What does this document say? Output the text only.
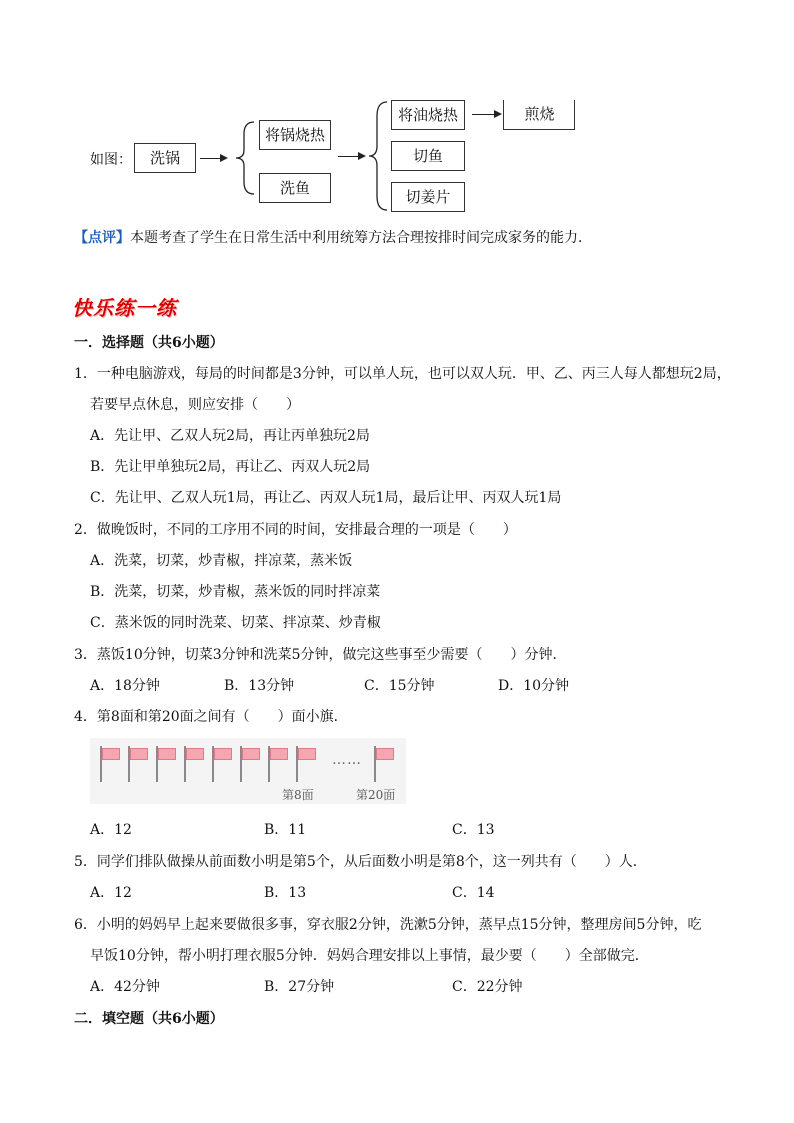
如图：	洗锅
将锅烧热
洗鱼
将油烧热
切鱼
切姜片
煎烧
【点评】本题考查了学生在日常生活中利用统筹方法合理按排时间完成家务的能力．
快乐练一练
一．选择题（共6小题）
1．一种电脑游戏，每局的时间都是3分钟，可以单人玩，也可以双人玩．甲、乙、丙三人每人都想玩2局，
若要早点休息，则应安排（　　）
A．先让甲、乙双人玩2局，再让丙单独玩2局
B．先让甲单独玩2局，再让乙、丙双人玩2局
C．先让甲、乙双人玩1局，再让乙、丙双人玩1局，最后让甲、丙双人玩1局
2．做晚饭时，不同的工序用不同的时间，安排最合理的一项是（　　）
A．洗菜，切菜，炒青椒，拌凉菜，蒸米饭
B．洗菜，切菜，炒青椒，蒸米饭的同时拌凉菜
C．蒸米饭的同时洗菜、切菜、拌凉菜、炒青椒
3．蒸饭10分钟，切菜3分钟和洗菜5分钟，做完这些事至少需要（　　）分钟．
A．18分钟	B．13分钟	C．15分钟	D．10分钟
4．第8面和第20面之间有（　　）面小旗．
……
第8面	第20面
A．12	B．11	C．13
5．同学们排队做操从前面数小明是第5个，从后面数小明是第8个，这一列共有（　　）人．
A．12	B．13	C．14
6．小明的妈妈早上起来要做很多事，穿衣服2分钟，洗漱5分钟，蒸早点15分钟，整理房间5分钟，吃
早饭10分钟，帮小明打理衣服5分钟．妈妈合理安排以上事情，最少要（　　）全部做完．
A．42分钟	B．27分钟	C．22分钟
二．填空题（共6小题）
